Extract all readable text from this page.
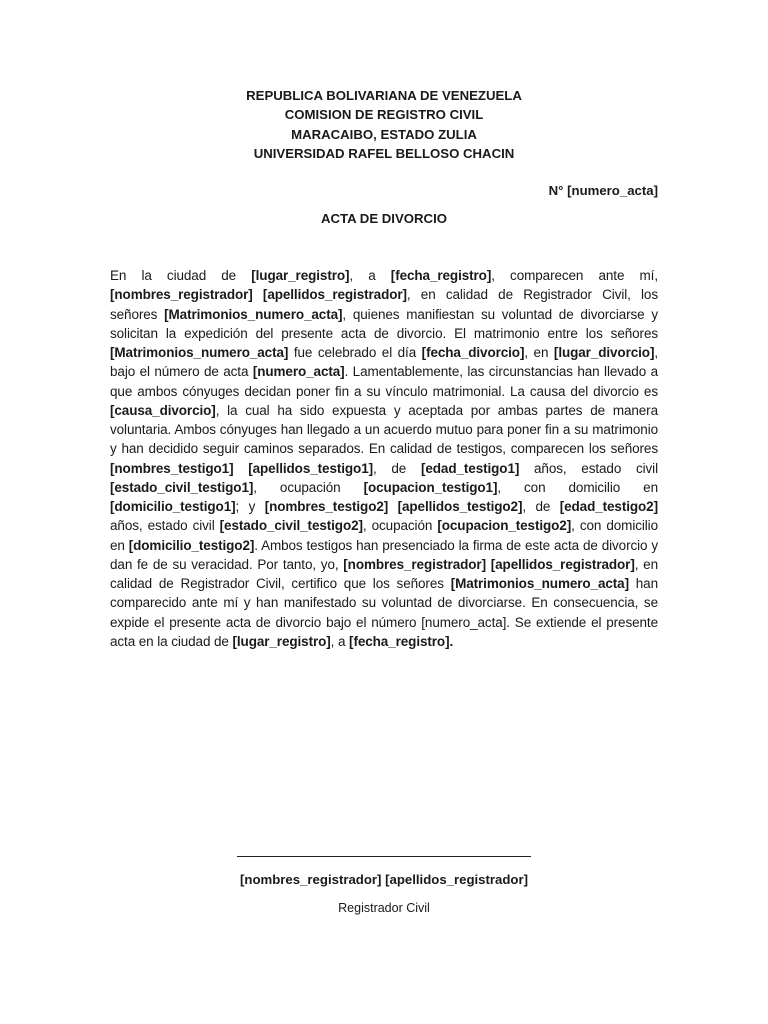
REPUBLICA BOLIVARIANA DE VENEZUELA
COMISION DE REGISTRO CIVIL
MARACAIBO, ESTADO ZULIA
UNIVERSIDAD RAFEL BELLOSO CHACIN
N° [numero_acta]
ACTA DE DIVORCIO
En la ciudad de [lugar_registro], a [fecha_registro], comparecen ante mí, [nombres_registrador] [apellidos_registrador], en calidad de Registrador Civil, los señores [Matrimonios_numero_acta], quienes manifiestan su voluntad de divorciarse y solicitan la expedición del presente acta de divorcio. El matrimonio entre los señores [Matrimonios_numero_acta] fue celebrado el día [fecha_divorcio], en [lugar_divorcio], bajo el número de acta [numero_acta]. Lamentablemente, las circunstancias han llevado a que ambos cónyuges decidan poner fin a su vínculo matrimonial. La causa del divorcio es [causa_divorcio], la cual ha sido expuesta y aceptada por ambas partes de manera voluntaria. Ambos cónyuges han llegado a un acuerdo mutuo para poner fin a su matrimonio y han decidido seguir caminos separados. En calidad de testigos, comparecen los señores [nombres_testigo1] [apellidos_testigo1], de [edad_testigo1] años, estado civil [estado_civil_testigo1], ocupación [ocupacion_testigo1], con domicilio en [domicilio_testigo1]; y [nombres_testigo2] [apellidos_testigo2], de [edad_testigo2] años, estado civil [estado_civil_testigo2], ocupación [ocupacion_testigo2], con domicilio en [domicilio_testigo2]. Ambos testigos han presenciado la firma de este acta de divorcio y dan fe de su veracidad. Por tanto, yo, [nombres_registrador] [apellidos_registrador], en calidad de Registrador Civil, certifico que los señores [Matrimonios_numero_acta] han comparecido ante mí y han manifestado su voluntad de divorciarse. En consecuencia, se expide el presente acta de divorcio bajo el número [numero_acta]. Se extiende el presente acta en la ciudad de [lugar_registro], a [fecha_registro].
[nombres_registrador] [apellidos_registrador]
Registrador Civil
